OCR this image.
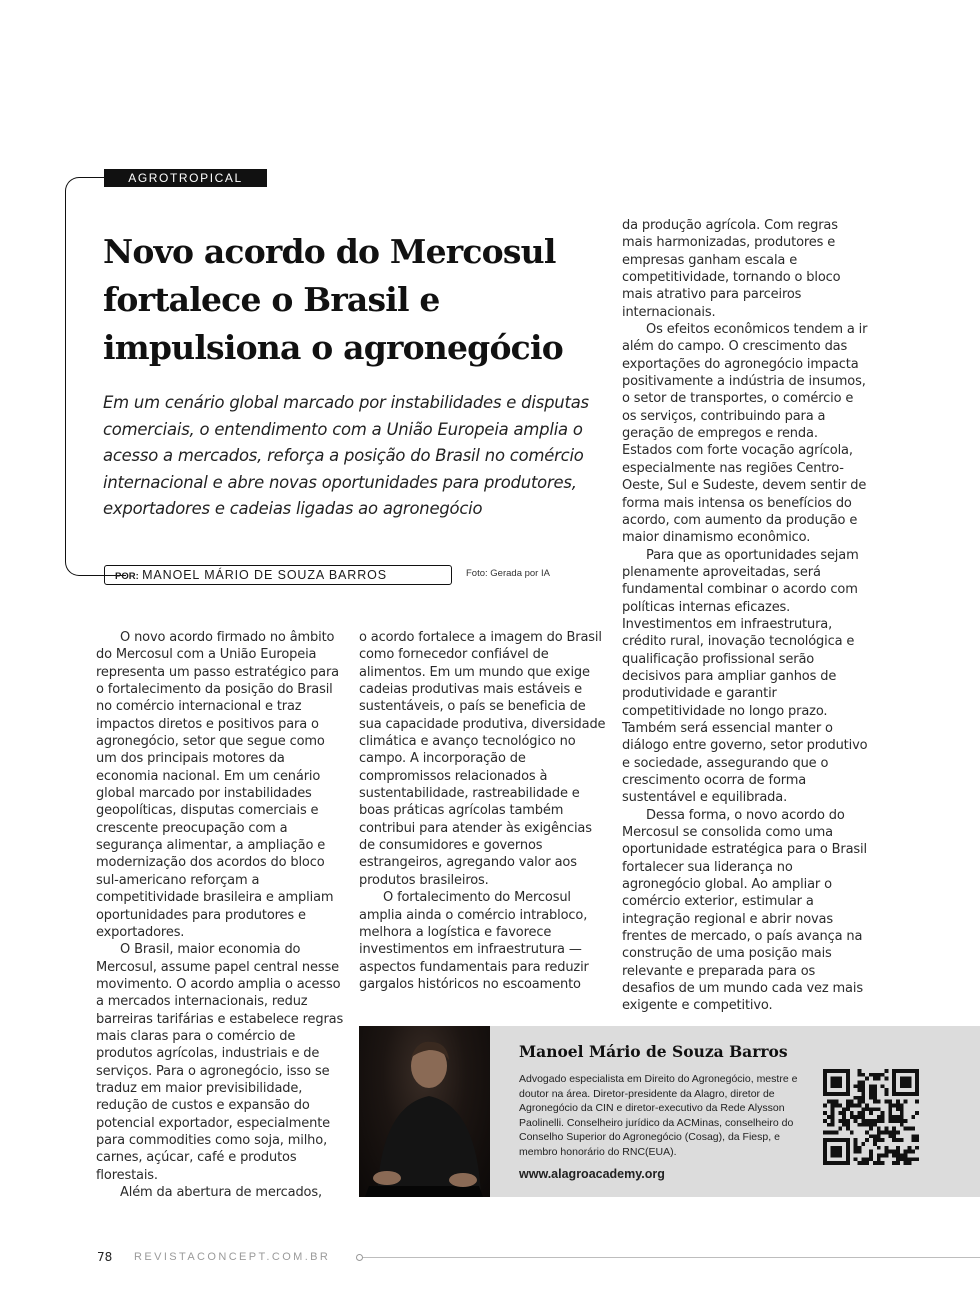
AGROTROPICAL
Novo acordo do Mercosul fortalece o Brasil e impulsiona o agronegócio

Em um cenário global marcado por instabilidades e disputas comerciais, o entendimento com a União Europeia amplia o acesso a mercados, reforça a posição do Brasil no comércio internacional e abre novas oportunidades para produtores, exportadores e cadeias ligadas ao agronegócio

POR: MANOEL MÁRIO DE SOUZA BARROS	Foto: Gerada por IA

O novo acordo firmado no âmbito do Mercosul com a União Europeia representa um passo estratégico para o fortalecimento da posição do Brasil no comércio internacional e traz impactos diretos e positivos para o agronegócio, setor que segue como um dos principais motores da economia nacional. Em um cenário global marcado por instabilidades geopolíticas, disputas comerciais e crescente preocupação com a segurança alimentar, a ampliação e modernização dos acordos do bloco sul-americano reforçam a competitividade brasileira e ampliam oportunidades para produtores e exportadores.

O Brasil, maior economia do Mercosul, assume papel central nesse movimento. O acordo amplia o acesso a mercados internacionais, reduz barreiras tarifárias e estabelece regras mais claras para o comércio de produtos agrícolas, industriais e de serviços. Para o agronegócio, isso se traduz em maior previsibilidade, redução de custos e expansão do potencial exportador, especialmente para commodities como soja, milho, carnes, açúcar, café e produtos florestais.

Além da abertura de mercados,

o acordo fortalece a imagem do Brasil como fornecedor confiável de alimentos. Em um mundo que exige cadeias produtivas mais estáveis e sustentáveis, o país se beneficia de sua capacidade produtiva, diversidade climática e avanço tecnológico no campo. A incorporação de compromissos relacionados à sustentabilidade, rastreabilidade e boas práticas agrícolas também contribui para atender às exigências de consumidores e governos estrangeiros, agregando valor aos produtos brasileiros.

O fortalecimento do Mercosul amplia ainda o comércio intrabloco, melhora a logística e favorece investimentos em infraestrutura — aspectos fundamentais para reduzir gargalos históricos no escoamento

da produção agrícola. Com regras mais harmonizadas, produtores e empresas ganham escala e competitividade, tornando o bloco mais atrativo para parceiros internacionais.

Os efeitos econômicos tendem a ir além do campo. O crescimento das exportações do agronegócio impacta positivamente a indústria de insumos, o setor de transportes, o comércio e os serviços, contribuindo para a geração de empregos e renda. Estados com forte vocação agrícola, especialmente nas regiões Centro-Oeste, Sul e Sudeste, devem sentir de forma mais intensa os benefícios do acordo, com aumento da produção e maior dinamismo econômico.

Para que as oportunidades sejam plenamente aproveitadas, será fundamental combinar o acordo com políticas internas eficazes. Investimentos em infraestrutura, crédito rural, inovação tecnológica e qualificação profissional serão decisivos para ampliar ganhos de produtividade e garantir competitividade no longo prazo. Também será essencial manter o diálogo entre governo, setor produtivo e sociedade, assegurando que o crescimento ocorra de forma sustentável e equilibrada.

Dessa forma, o novo acordo do Mercosul se consolida como uma oportunidade estratégica para o Brasil fortalecer sua liderança no agronegócio global. Ao ampliar o comércio exterior, estimular a integração regional e abrir novas frentes de mercado, o país avança na construção de uma posição mais relevante e preparada para os desafios de um mundo cada vez mais exigente e competitivo.

Manoel Mário de Souza Barros

Advogado especialista em Direito do Agronegócio, mestre e doutor na área. Diretor-presidente da Alagro, diretor de Agronegócio da CIN e diretor-executivo da Rede Alysson Paolinelli. Conselheiro jurídico da ACMinas, conselheiro do Conselho Superior do Agronegócio (Cosag), da Fiesp, e membro honorário do RNC(EUA).

www.alagroacademy.org
78 REVISTACONCEPT.COM.BR
